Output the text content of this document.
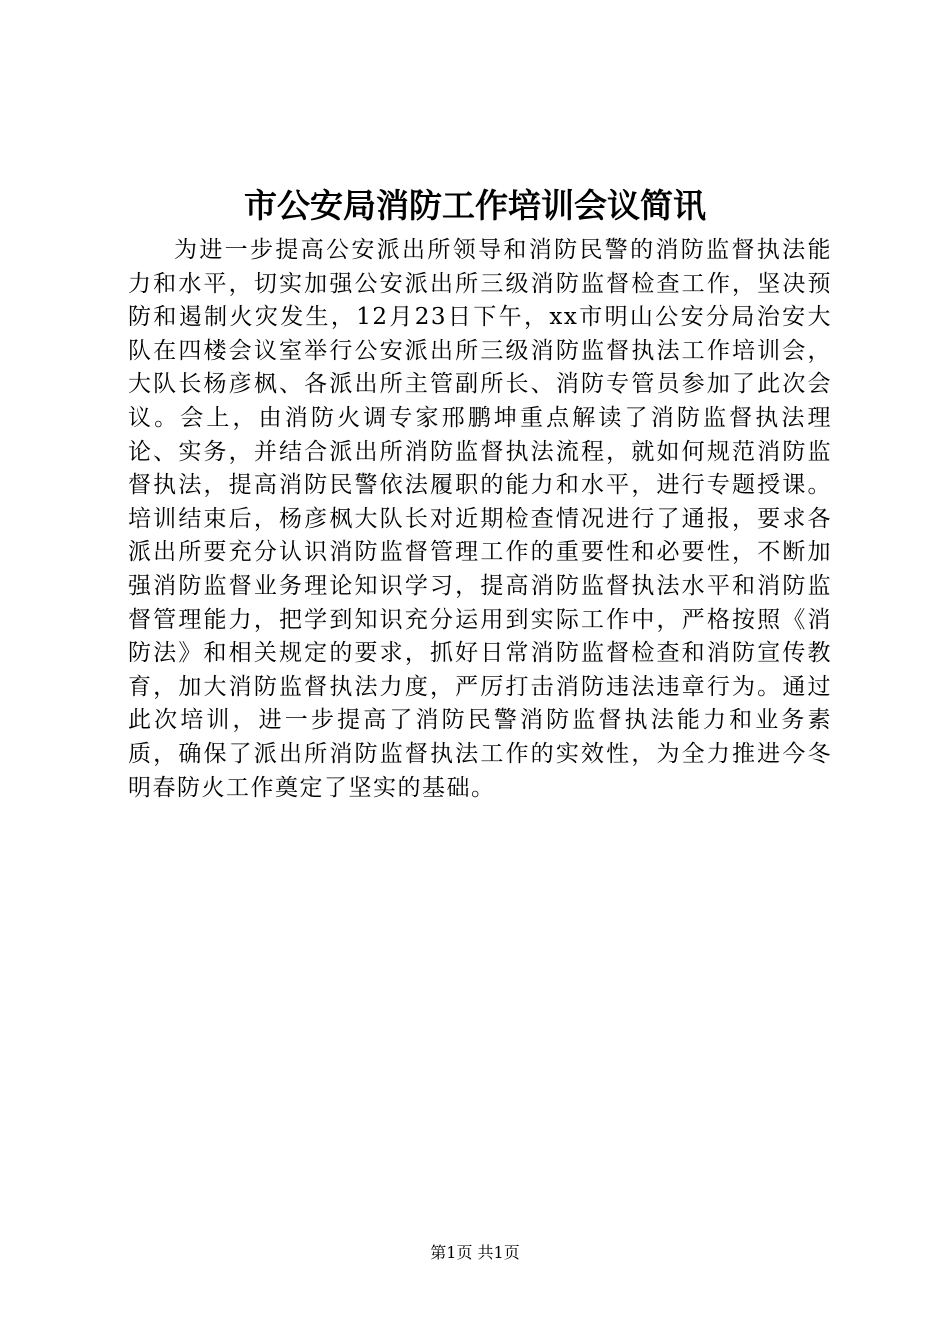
市公安局消防工作培训会议简讯

为进一步提高公安派出所领导和消防民警的消防监督执法能力和水平，切实加强公安派出所三级消防监督检查工作，坚决预防和遏制火灾发生，12月23日下午，xx市明山公安分局治安大队在四楼会议室举行公安派出所三级消防监督执法工作培训会，大队长杨彦枫、各派出所主管副所长、消防专管员参加了此次会议。会上，由消防火调专家邢鹏坤重点解读了消防监督执法理论、实务，并结合派出所消防监督执法流程，就如何规范消防监督执法，提高消防民警依法履职的能力和水平，进行专题授课。培训结束后，杨彦枫大队长对近期检查情况进行了通报，要求各派出所要充分认识消防监督管理工作的重要性和必要性，不断加强消防监督业务理论知识学习，提高消防监督执法水平和消防监督管理能力，把学到知识充分运用到实际工作中，严格按照《消防法》和相关规定的要求，抓好日常消防监督检查和消防宣传教育，加大消防监督执法力度，严厉打击消防违法违章行为。通过此次培训，进一步提高了消防民警消防监督执法能力和业务素质，确保了派出所消防监督执法工作的实效性，为全力推进今冬明春防火工作奠定了坚实的基础。

第1页 共1页
